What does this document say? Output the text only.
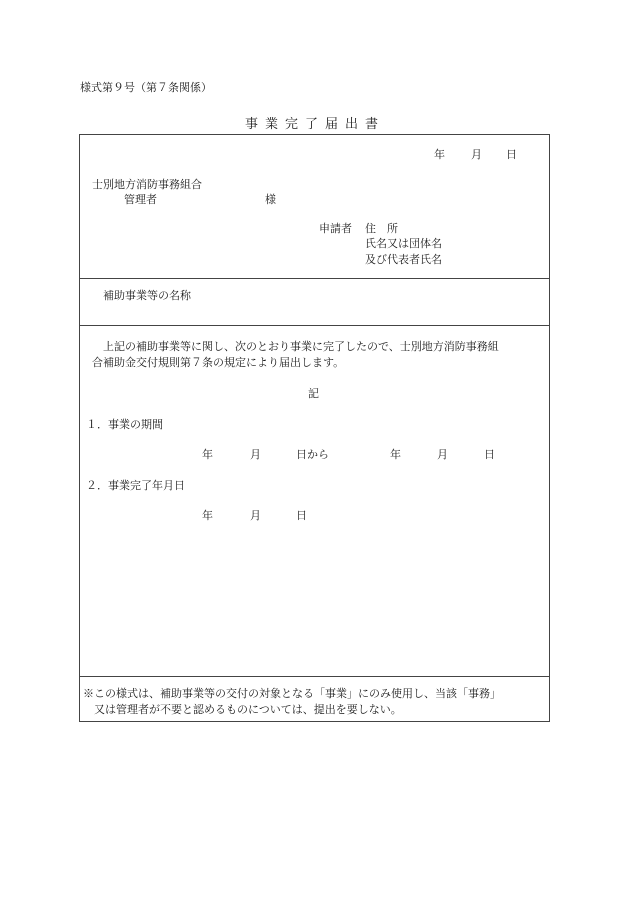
様式第９号（第７条関係）
事業完了届出書
年 月 日
士別地方消防事務組合
管理者	様
申請者 住　所
氏名又は団体名
及び代表者氏名
補助事業等の名称
上記の補助事業等に関し、次のとおり事業に完了したので、士別地方消防事務組
合補助金交付規則第７条の規定により届出します。
記
１．事業の期間
年	月	日から	年	月	日
２．事業完了年月日
年	月	日
※この様式は、補助事業等の交付の対象となる「事業」にのみ使用し、当該「事務」
又は管理者が不要と認めるものについては、提出を要しない。
